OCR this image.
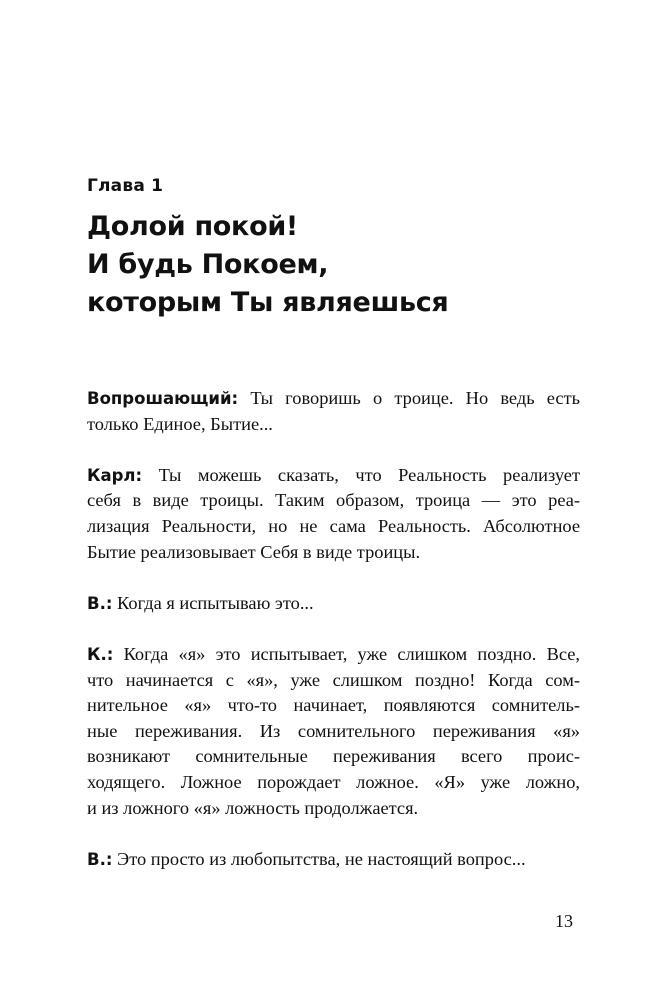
Глава 1
Долой покой!
И будь Покоем,
которым Ты являешься
Вопрошающий: Ты говоришь о троице. Но ведь есть
только Единое, Бытие...
Карл: Ты можешь сказать, что Реальность реализует
себя в виде троицы. Таким образом, троица — это реа-
лизация Реальности, но не сама Реальность. Абсолютное
Бытие реализовывает Себя в виде троицы.
В.: Когда я испытываю это...
К.: Когда «я» это испытывает, уже слишком поздно. Все,
что начинается с «я», уже слишком поздно! Когда сом-
нительное «я» что-то начинает, появляются сомнитель-
ные переживания. Из сомнительного переживания «я»
возникают сомнительные переживания всего проис-
ходящего. Ложное порождает ложное. «Я» уже ложно,
и из ложного «я» ложность продолжается.
В.: Это просто из любопытства, не настоящий вопрос...
13
